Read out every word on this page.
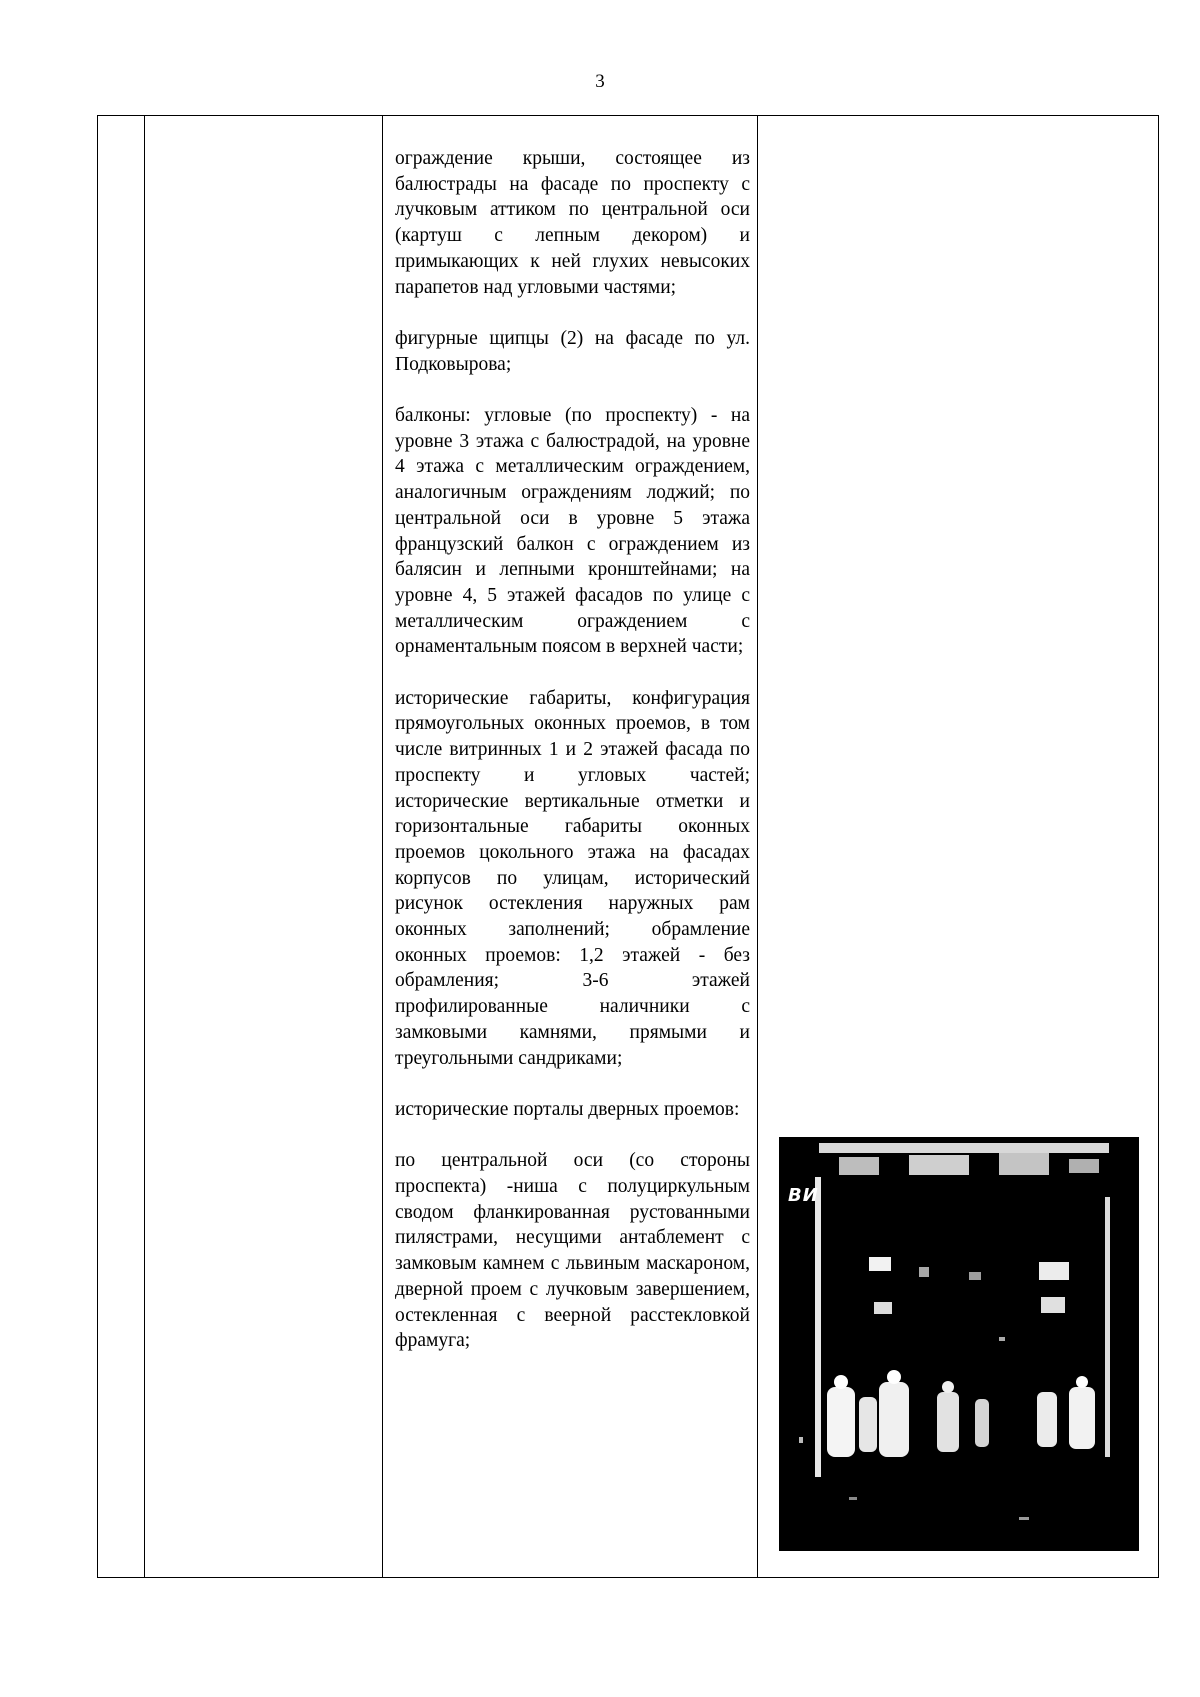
3

ограждение крыши, состоящее из балюстрады на фасаде по проспекту с лучковым аттиком по центральной оси (картуш с лепным декором) и примыкающих к ней глухих невысоких парапетов над угловыми частями;

фигурные щипцы (2) на фасаде по ул. Подковырова;

балконы: угловые (по проспекту) - на уровне 3 этажа с балюстрадой, на уровне 4 этажа с металлическим ограждением, аналогичным ограждениям лоджий; по центральной оси в уровне 5 этажа французский балкон с ограждением из балясин и лепными кронштейнами; на уровне 4, 5 этажей фасадов по улице с металлическим ограждением с орнаментальным поясом в верхней части;

исторические габариты, конфигурация прямоугольных оконных проемов, в том числе витринных 1 и 2 этажей фасада по проспекту и угловых частей; исторические вертикальные отметки и горизонтальные габариты оконных проемов цокольного этажа на фасадах корпусов по улицам, исторический рисунок остекления наружных рам оконных заполнений; обрамление оконных проемов: 1,2 этажей - без обрамления; 3-6 этажей профилированные наличники с замковыми камнями, прямыми и треугольными сандриками;

исторические порталы дверных проемов:

по центральной оси (со стороны проспекта) -ниша с полуциркульным сводом фланкированная рустованными пилястрами, несущими антаблемент с замковым камнем с львиным маскароном, дверной проем с лучковым завершением, остекленная с веерной расстекловкой фрамуга;

ВИ
